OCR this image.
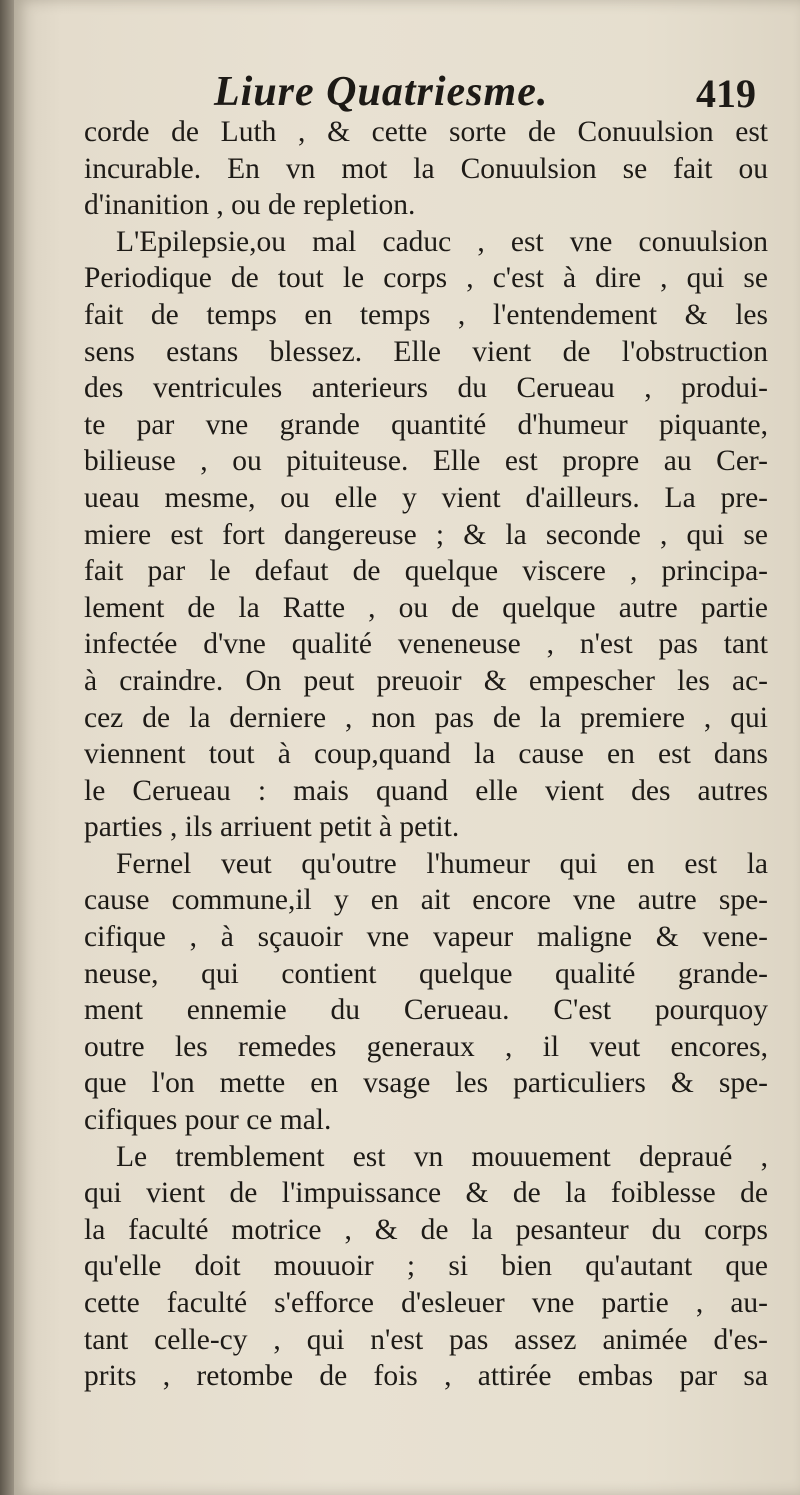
Liure Quatriesme.	419
corde de Luth , & cette sorte de Conuulsion est
incurable. En vn mot la Conuulsion se fait ou
d'inanition , ou de repletion.
L'Epilepsie,ou mal caduc , est vne conuulsion
Periodique de tout le corps , c'est à dire , qui se
fait de temps en temps , l'entendement & les
sens estans blessez. Elle vient de l'obstruction
des ventricules anterieurs du Cerueau , produi-
te par vne grande quantité d'humeur piquante,
bilieuse , ou pituiteuse. Elle est propre au Cer-
ueau mesme, ou elle y vient d'ailleurs. La pre-
miere est fort dangereuse ; & la seconde , qui se
fait par le defaut de quelque viscere , principa-
lement de la Ratte , ou de quelque autre partie
infectée d'vne qualité veneneuse , n'est pas tant
à craindre. On peut preuoir & empescher les ac-
cez de la derniere , non pas de la premiere , qui
viennent tout à coup,quand la cause en est dans
le Cerueau : mais quand elle vient des autres
parties , ils arriuent petit à petit.
Fernel veut qu'outre l'humeur qui en est la
cause commune,il y en ait encore vne autre spe-
cifique , à sçauoir vne vapeur maligne & vene-
neuse, qui contient quelque qualité grande-
ment ennemie du Cerueau. C'est pourquoy
outre les remedes generaux , il veut encores,
que l'on mette en vsage les particuliers & spe-
cifiques pour ce mal.
Le tremblement est vn mouuement depraué ,
qui vient de l'impuissance & de la foiblesse de
la faculté motrice , & de la pesanteur du corps
qu'elle doit mouuoir ; si bien qu'autant que
cette faculté s'efforce d'esleuer vne partie , au-
tant celle-cy , qui n'est pas assez animée d'es-
prits , retombe de fois , attirée embas par sa
